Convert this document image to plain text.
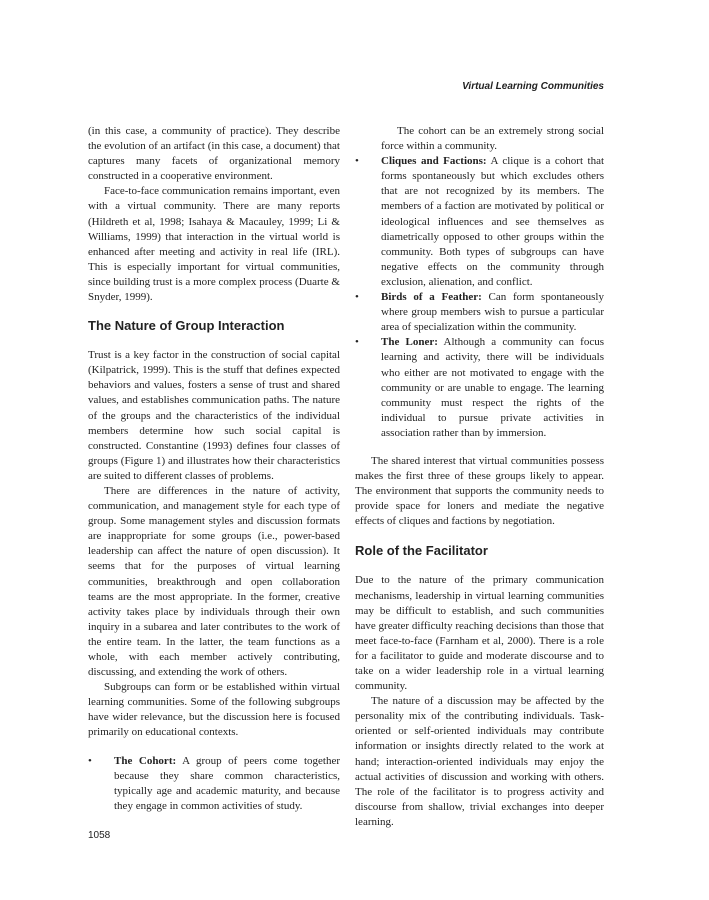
Virtual Learning Communities

(in this case, a community of practice). They describe the evolution of an artifact (in this case, a document) that captures many facets of organizational memory constructed in a cooperative environment.

Face-to-face communication remains important, even with a virtual community. There are many reports (Hildreth et al, 1998; Isahaya & Macauley, 1999; Li & Williams, 1999) that interaction in the virtual world is enhanced after meeting and activity in real life (IRL). This is especially important for virtual communities, since building trust is a more complex process (Duarte & Snyder, 1999).

The Nature of Group Interaction

Trust is a key factor in the construction of social capital (Kilpatrick, 1999). This is the stuff that defines expected behaviors and values, fosters a sense of trust and shared values, and establishes communication paths. The nature of the groups and the characteristics of the individual members determine how such social capital is constructed. Constantine (1993) defines four classes of groups (Figure 1) and illustrates how their characteristics are suited to different classes of problems.

There are differences in the nature of activity, communication, and management style for each type of group. Some management styles and discussion formats are inappropriate for some groups (i.e., power-based leadership can affect the nature of open discussion). It seems that for the purposes of virtual learning communities, breakthrough and open collaboration teams are the most appropriate. In the former, creative activity takes place by individuals through their own inquiry in a subarea and later contributes to the work of the entire team. In the latter, the team functions as a whole, with each member actively contributing, discussing, and extending the work of others.

Subgroups can form or be established within virtual learning communities. Some of the following subgroups have wider relevance, but the discussion here is focused primarily on educational contexts.

• The Cohort: A group of peers come together because they share common characteristics, typically age and academic maturity, and because they engage in common activities of study.

The cohort can be an extremely strong social force within a community.

• Cliques and Factions: A clique is a cohort that forms spontaneously but which excludes others that are not recognized by its members. The members of a faction are motivated by political or ideological influences and see themselves as diametrically opposed to other groups within the community. Both types of subgroups can have negative effects on the community through exclusion, alienation, and conflict.
• Birds of a Feather: Can form spontaneously where group members wish to pursue a particular area of specialization within the community.
• The Loner: Although a community can focus learning and activity, there will be individuals who either are not motivated to engage with the community or are unable to engage. The learning community must respect the rights of the individual to pursue private activities in association rather than by immersion.

The shared interest that virtual communities possess makes the first three of these groups likely to appear. The environment that supports the community needs to provide space for loners and mediate the negative effects of cliques and factions by negotiation.

Role of the Facilitator

Due to the nature of the primary communication mechanisms, leadership in virtual learning communities may be difficult to establish, and such communities have greater difficulty reaching decisions than those that meet face-to-face (Farnham et al, 2000). There is a role for a facilitator to guide and moderate discourse and to take on a wider leadership role in a virtual learning community.

The nature of a discussion may be affected by the personality mix of the contributing individuals. Task-oriented or self-oriented individuals may contribute information or insights directly related to the work at hand; interaction-oriented individuals may enjoy the actual activities of discussion and working with others. The role of the facilitator is to progress activity and discourse from shallow, trivial exchanges into deeper learning.

1058
